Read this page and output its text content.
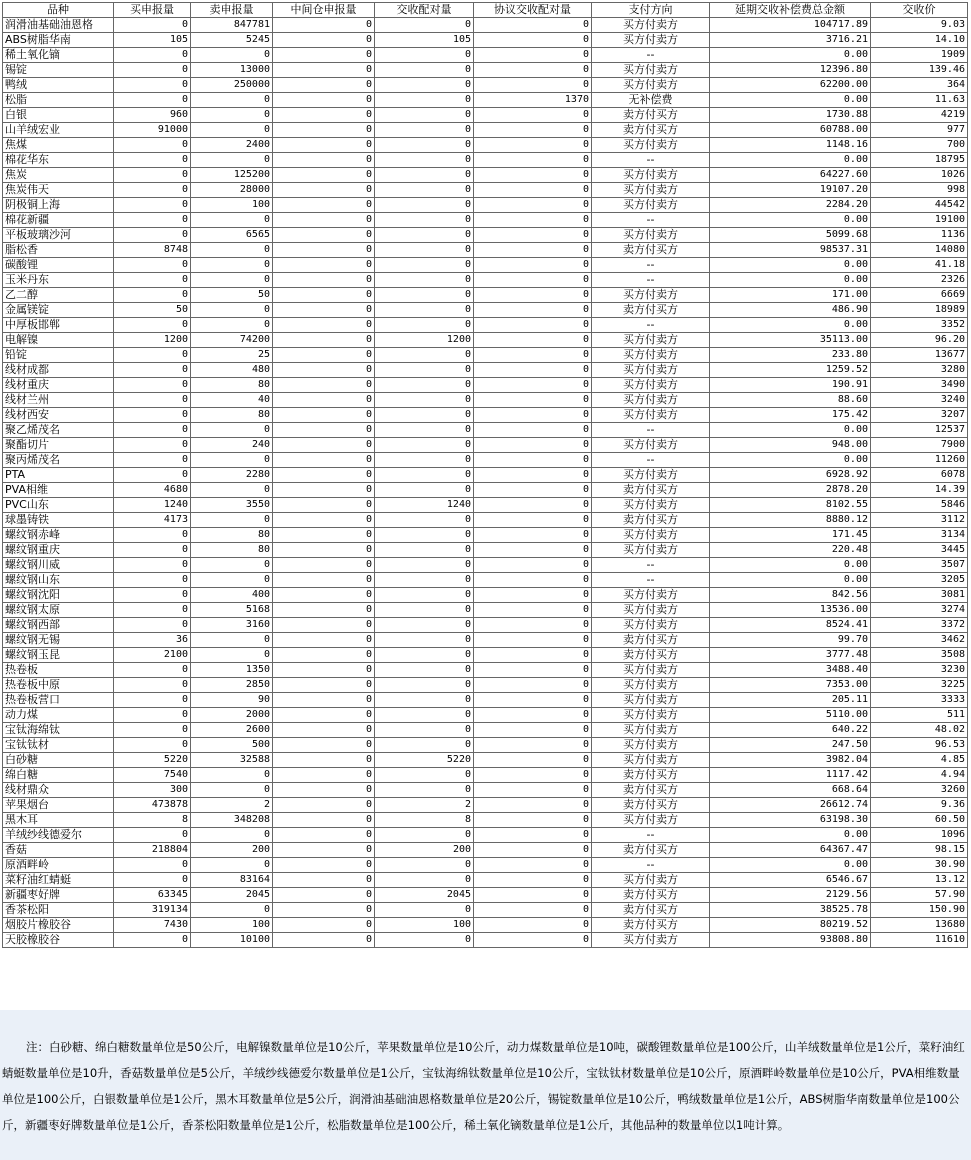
品种	买申报量	卖申报量	中间仓申报量	交收配对量	协议交收配对量	支付方向	延期交收补偿费总金额	交收价
润滑油基础油恩格	0	847781	0	0	0	买方付卖方	104717.89	9.03
ABS树脂华南	105	5245	0	105	0	买方付卖方	3716.21	14.10
稀土氧化镝	0	0	0	0	0	--	0.00	1909
锡锭	0	13000	0	0	0	买方付卖方	12396.80	139.46
鸭绒	0	250000	0	0	0	买方付卖方	62200.00	364
松脂	0	0	0	0	1370	无补偿费	0.00	11.63
白银	960	0	0	0	0	卖方付买方	1730.88	4219
山羊绒宏业	91000	0	0	0	0	卖方付买方	60788.00	977
焦煤	0	2400	0	0	0	买方付卖方	1148.16	700
棉花华东	0	0	0	0	0	--	0.00	18795
焦炭	0	125200	0	0	0	买方付卖方	64227.60	1026
焦炭伟天	0	28000	0	0	0	买方付卖方	19107.20	998
阴极铜上海	0	100	0	0	0	买方付卖方	2284.20	44542
棉花新疆	0	0	0	0	0	--	0.00	19100
平板玻璃沙河	0	6565	0	0	0	买方付卖方	5099.68	1136
脂松香	8748	0	0	0	0	卖方付买方	98537.31	14080
碳酸锂	0	0	0	0	0	--	0.00	41.18
玉米丹东	0	0	0	0	0	--	0.00	2326
乙二醇	0	50	0	0	0	买方付卖方	171.00	6669
金属镁锭	50	0	0	0	0	卖方付买方	486.90	18989
中厚板邯郸	0	0	0	0	0	--	0.00	3352
电解镍	1200	74200	0	1200	0	买方付卖方	35113.00	96.20
铅锭	0	25	0	0	0	买方付卖方	233.80	13677
线材成都	0	480	0	0	0	买方付卖方	1259.52	3280
线材重庆	0	80	0	0	0	买方付卖方	190.91	3490
线材兰州	0	40	0	0	0	买方付卖方	88.60	3240
线材西安	0	80	0	0	0	买方付卖方	175.42	3207
聚乙烯茂名	0	0	0	0	0	--	0.00	12537
聚酯切片	0	240	0	0	0	买方付卖方	948.00	7900
聚丙烯茂名	0	0	0	0	0	--	0.00	11260
PTA	0	2280	0	0	0	买方付卖方	6928.92	6078
PVA相维	4680	0	0	0	0	卖方付买方	2878.20	14.39
PVC山东	1240	3550	0	1240	0	买方付卖方	8102.55	5846
球墨铸铁	4173	0	0	0	0	卖方付买方	8880.12	3112
螺纹钢赤峰	0	80	0	0	0	买方付卖方	171.45	3134
螺纹钢重庆	0	80	0	0	0	买方付卖方	220.48	3445
螺纹钢川威	0	0	0	0	0	--	0.00	3507
螺纹钢山东	0	0	0	0	0	--	0.00	3205
螺纹钢沈阳	0	400	0	0	0	买方付卖方	842.56	3081
螺纹钢太原	0	5168	0	0	0	买方付卖方	13536.00	3274
螺纹钢西部	0	3160	0	0	0	买方付卖方	8524.41	3372
螺纹钢无锡	36	0	0	0	0	卖方付买方	99.70	3462
螺纹钢玉昆	2100	0	0	0	0	卖方付买方	3777.48	3508
热卷板	0	1350	0	0	0	买方付卖方	3488.40	3230
热卷板中原	0	2850	0	0	0	买方付卖方	7353.00	3225
热卷板营口	0	90	0	0	0	买方付卖方	205.11	3333
动力煤	0	2000	0	0	0	买方付卖方	5110.00	511
宝钛海绵钛	0	2600	0	0	0	买方付卖方	640.22	48.02
宝钛钛材	0	500	0	0	0	买方付卖方	247.50	96.53
白砂糖	5220	32588	0	5220	0	买方付卖方	3982.04	4.85
绵白糖	7540	0	0	0	0	卖方付买方	1117.42	4.94
线材鼎众	300	0	0	0	0	卖方付买方	668.64	3260
苹果烟台	473878	2	0	2	0	卖方付买方	26612.74	9.36
黑木耳	8	348208	0	8	0	买方付卖方	63198.30	60.50
羊绒纱线德爱尔	0	0	0	0	0	--	0.00	1096
香菇	218804	200	0	200	0	卖方付买方	64367.47	98.15
原酒畔岭	0	0	0	0	0	--	0.00	30.90
菜籽油红蜻蜓	0	83164	0	0	0	买方付卖方	6546.67	13.12
新疆枣好牌	63345	2045	0	2045	0	卖方付买方	2129.56	57.90
香茶松阳	319134	0	0	0	0	卖方付买方	38525.78	150.90
烟胶片橡胶谷	7430	100	0	100	0	卖方付买方	80219.52	13680
天胶橡胶谷	0	10100	0	0	0	买方付卖方	93808.80	11610
注：白砂糖、绵白糖数量单位是50公斤，电解镍数量单位是10公斤，苹果数量单位是10公斤，动力煤数量单位是10吨，碳酸锂数量单位是100公斤，山羊绒数量单位是1公斤，菜籽油红蜻蜓数量单位是10升，香菇数量单位是5公斤，羊绒纱线德爱尔数量单位是1公斤，宝钛海绵钛数量单位是10公斤，宝钛钛材数量单位是10公斤，原酒畔岭数量单位是10公斤，PVA相维数量单位是100公斤，白银数量单位是1公斤，黑木耳数量单位是5公斤，润滑油基础油恩格数量单位是20公斤，锡锭数量单位是10公斤，鸭绒数量单位是1公斤，ABS树脂华南数量单位是100公斤，新疆枣好牌数量单位是1公斤，香茶松阳数量单位是1公斤，松脂数量单位是100公斤，稀土氧化镝数量单位是1公斤，其他品种的数量单位以1吨计算。
